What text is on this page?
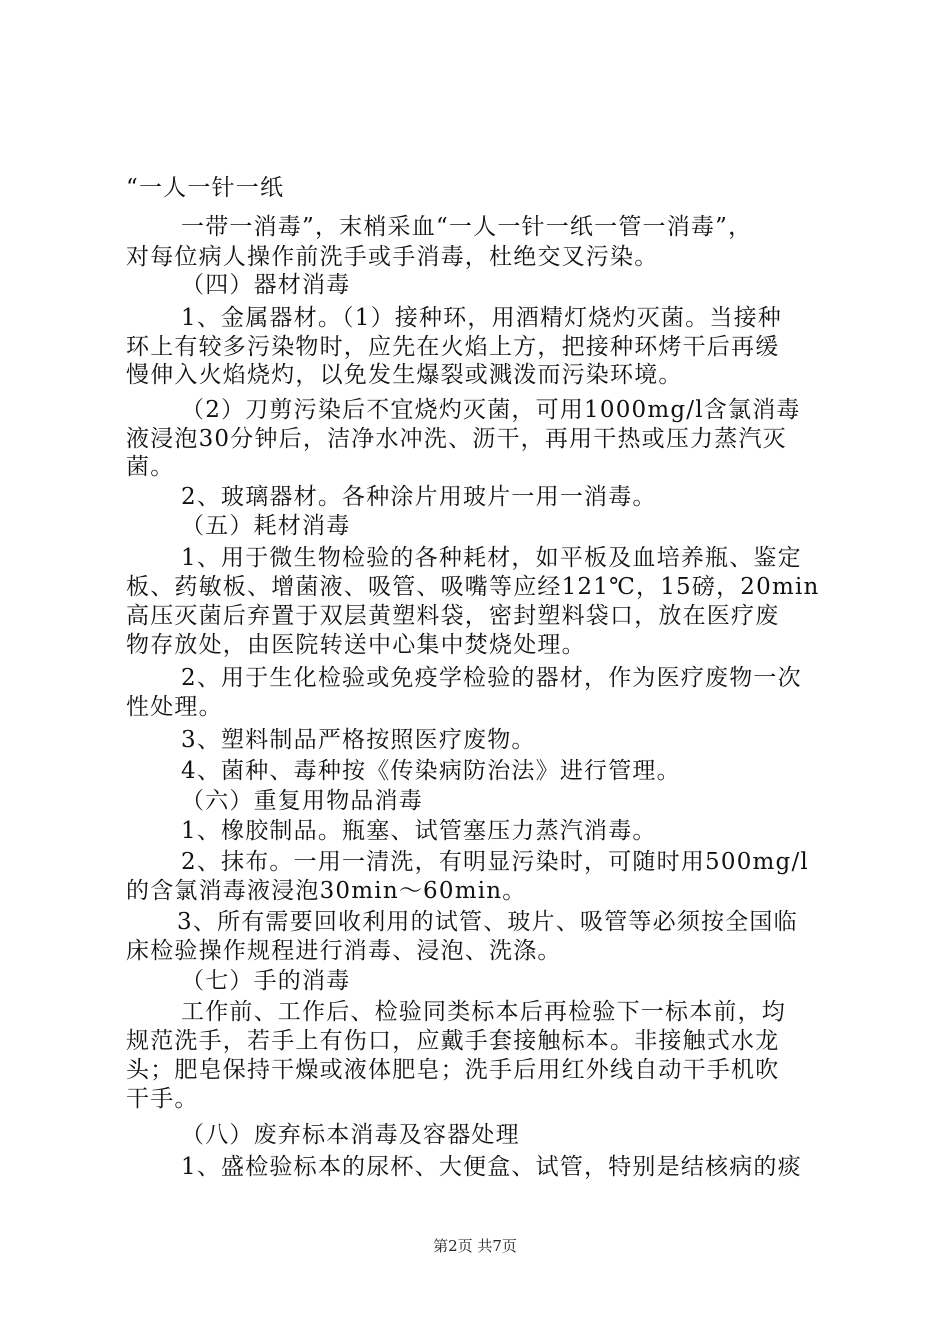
“一人一针一纸
一带一消毒”，末梢采血“一人一针一纸一管一消毒”，
对每位病人操作前洗手或手消毒，杜绝交叉污染。
（四）器材消毒
1、金属器材。（1）接种环，用酒精灯烧灼灭菌。当接种
环上有较多污染物时，应先在火焰上方，把接种环烤干后再缓
慢伸入火焰烧灼，以免发生爆裂或溅泼而污染环境。
（2）刀剪污染后不宜烧灼灭菌，可用1000mg/l含氯消毒
液浸泡30分钟后，洁净水冲洗、沥干，再用干热或压力蒸汽灭
菌。
2、玻璃器材。各种涂片用玻片一用一消毒。
（五）耗材消毒
1、用于微生物检验的各种耗材，如平板及血培养瓶、鉴定
板、药敏板、增菌液、吸管、吸嘴等应经121℃，15磅，20min
高压灭菌后弃置于双层黄塑料袋，密封塑料袋口，放在医疗废
物存放处，由医院转送中心集中焚烧处理。
2、用于生化检验或免疫学检验的器材，作为医疗废物一次
性处理。
3、塑料制品严格按照医疗废物。
4、菌种、毒种按《传染病防治法》进行管理。
（六）重复用物品消毒
1、橡胶制品。瓶塞、试管塞压力蒸汽消毒。
2、抹布。一用一清洗，有明显污染时，可随时用500mg/l
的含氯消毒液浸泡30min～60min。
3、所有需要回收利用的试管、玻片、吸管等必须按全国临
床检验操作规程进行消毒、浸泡、洗涤。
（七）手的消毒
工作前、工作后、检验同类标本后再检验下一标本前，均
规范洗手，若手上有伤口，应戴手套接触标本。非接触式水龙
头；肥皂保持干燥或液体肥皂；洗手后用红外线自动干手机吹
干手。
（八）废弃标本消毒及容器处理
1、盛检验标本的尿杯、大便盒、试管，特别是结核病的痰
第2页 共7页
